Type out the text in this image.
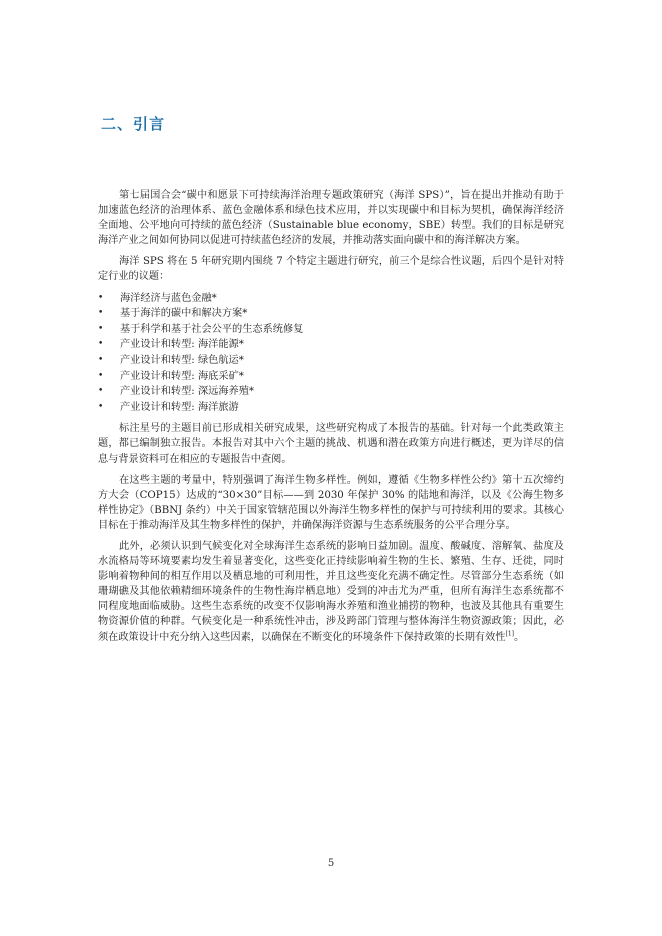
二、引言

第七届国合会“碳中和愿景下可持续海洋治理专题政策研究（海洋 SPS）”，旨在提出并推动有助于加速蓝色经济的治理体系、蓝色金融体系和绿色技术应用，并以实现碳中和目标为契机，确保海洋经济全面地、公平地向可持续的蓝色经济（Sustainable blue economy，SBE）转型。我们的目标是研究海洋产业之间如何协同以促进可持续蓝色经济的发展，并推动落实面向碳中和的海洋解决方案。

海洋 SPS 将在 5 年研究期内围绕 7 个特定主题进行研究，前三个是综合性议题，后四个是针对特定行业的议题：

• 海洋经济与蓝色金融*
• 基于海洋的碳中和解决方案*
• 基于科学和基于社会公平的生态系统修复
• 产业设计和转型: 海洋能源*
• 产业设计和转型: 绿色航运*
• 产业设计和转型: 海底采矿*
• 产业设计和转型: 深远海养殖*
• 产业设计和转型: 海洋旅游

标注星号的主题目前已形成相关研究成果，这些研究构成了本报告的基础。针对每一个此类政策主题，都已编制独立报告。本报告对其中六个主题的挑战、机遇和潜在政策方向进行概述，更为详尽的信息与背景资料可在相应的专题报告中查阅。

在这些主题的考量中，特别强调了海洋生物多样性。例如，遵循《生物多样性公约》第十五次缔约方大会（COP15）达成的“30×30”目标——到 2030 年保护 30% 的陆地和海洋，以及《公海生物多样性协定》（BBNJ 条约）中关于国家管辖范围以外海洋生物多样性的保护与可持续利用的要求。其核心目标在于推动海洋及其生物多样性的保护，并确保海洋资源与生态系统服务的公平合理分享。

此外，必须认识到气候变化对全球海洋生态系统的影响日益加剧。温度、酸碱度、溶解氧、盐度及水流格局等环境要素均发生着显著变化，这些变化正持续影响着生物的生长、繁殖、生存、迁徙，同时影响着物种间的相互作用以及栖息地的可利用性，并且这些变化充满不确定性。尽管部分生态系统（如珊瑚礁及其他依赖精细环境条件的生物性海岸栖息地）受到的冲击尤为严重，但所有海洋生态系统都不同程度地面临威胁。这些生态系统的改变不仅影响海水养殖和渔业捕捞的物种，也波及其他具有重要生物资源价值的种群。气候变化是一种系统性冲击，涉及跨部门管理与整体海洋生物资源政策；因此，必须在政策设计中充分纳入这些因素，以确保在不断变化的环境条件下保持政策的长期有效性[1]。

5
